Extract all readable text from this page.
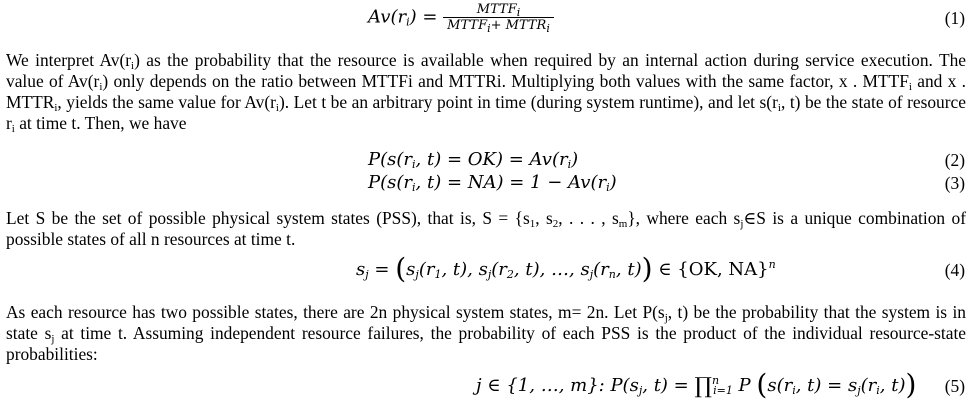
$Av(r_i) = \frac{MTTF_i}{MTTF_i+ MTTR_i}$	(1)
We interpret $Av(r_i)$ as the probability that the resource is available when required by an internal action during service execution. The value of $Av(r_i)$ only depends on the ratio between MTTFi and MTTRi. Multiplying both values with the same factor, x . $MTTF_i$ and x . $MTTR_i$, yields the same value for $Av(r_i)$. Let t be an arbitrary point in time (during system runtime), and let $s(r_i$, t) be the state of resource $r_i$ at time t. Then, we have
$P(s(r_i$, $t) = OK) = Av(r_i)$	(2)
$P(s(r_i$, $t) = NA) = 1 - Av(r_i)$	(3)
Let S be the set of possible physical system states (PSS), that is, $S = \{s_1$, $s_2$, . . . , $s_m$}, where each $s_j\in S$ is a unique combination of possible states of all n resources at time t.
$s_j = (s_j(r_1$, t), $s_j(r_2$, t), …, $s_j(r_n$, t)) ∈ {OK, NA}$^n$	(4)
As each resource has two possible states, there are 2n physical system states, m= 2n. Let $P(s_j$, t) be the probability that the system is in state $s_j$ at time t. Assuming independent resource failures, the probability of each PSS is the product of the individual resource-state probabilities:
j ∈ {1, …, m}: $P(s_j$, t) = ∏$^n_{i=1}$ P ($s(r_i$, $t) = s_j(r_i$, t)) (5)
